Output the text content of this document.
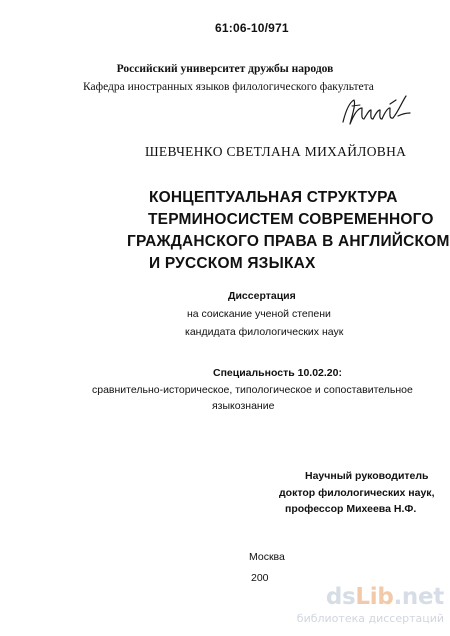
61:06-10/971
Российский университет дружбы народов
Кафедра иностранных языков филологического факультета
ШЕВЧЕНКО СВЕТЛАНА МИХАЙЛОВНА
КОНЦЕПТУАЛЬНАЯ СТРУКТУРА
ТЕРМИНОСИСТЕМ СОВРЕМЕННОГО
ГРАЖДАНСКОГО ПРАВА В АНГЛИЙСКОМ
И РУССКОМ ЯЗЫКАХ
Диссертация
на соискание ученой степени
кандидата филологических наук
Специальность 10.02.20:
сравнительно-историческое, типологическое и сопоставительное
языкознание
Научный руководитель
доктор филологических наук,
профессор Михеева Н.Ф.
Москва
200
dsLib.net
библиотека диссертаций
